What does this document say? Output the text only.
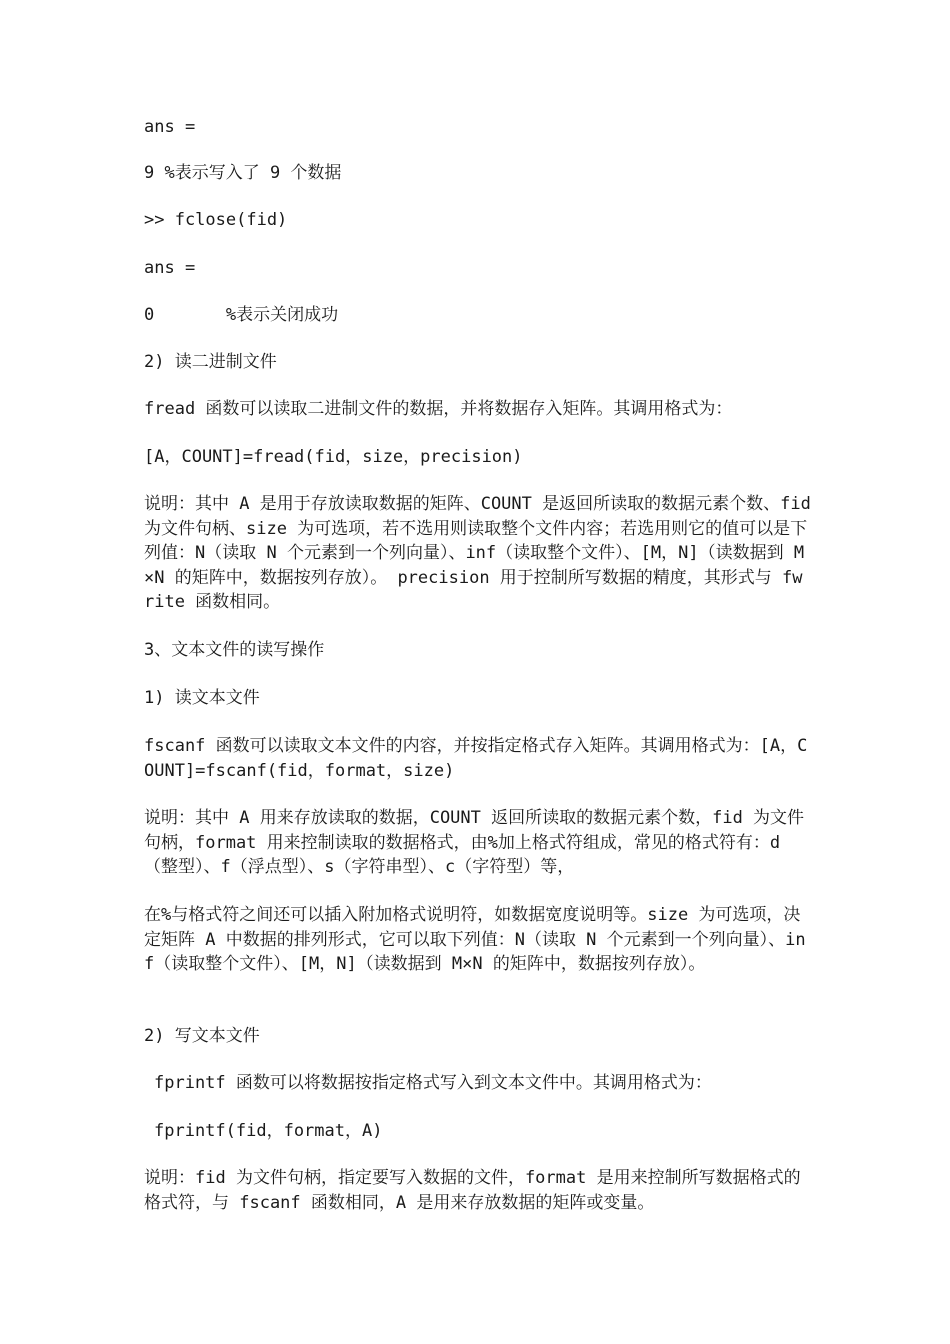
ans =

9 %表示写入了 9 个数据

>> fclose(fid)

ans =

0       %表示关闭成功

2) 读二进制文件

fread 函数可以读取二进制文件的数据，并将数据存入矩阵。其调用格式为：

[A，COUNT]=fread(fid，size，precision)

说明：其中 A 是用于存放读取数据的矩阵、COUNT 是返回所读取的数据元素个数、fid 为文件句柄、size 为可选项，若不选用则读取整个文件内容；若选用则它的值可以是下列值：N（读取 N 个元素到一个列向量）、inf（读取整个文件）、[M，N]（读数据到 M×N 的矩阵中，数据按列存放）。 precision 用于控制所写数据的精度，其形式与 fwrite 函数相同。

3、文本文件的读写操作

1) 读文本文件

fscanf 函数可以读取文本文件的内容，并按指定格式存入矩阵。其调用格式为：[A，COUNT]=fscanf(fid，format，size)

说明：其中 A 用来存放读取的数据，COUNT 返回所读取的数据元素个数，fid 为文件句柄，format 用来控制读取的数据格式，由%加上格式符组成，常见的格式符有：d（整型）、f（浮点型）、s（字符串型）、c（字符型）等，

在%与格式符之间还可以插入附加格式说明符，如数据宽度说明等。size 为可选项，决定矩阵 A 中数据的排列形式，它可以取下列值：N（读取 N 个元素到一个列向量）、inf（读取整个文件）、[M，N]（读数据到 M×N 的矩阵中，数据按列存放）。

2) 写文本文件

fprintf 函数可以将数据按指定格式写入到文本文件中。其调用格式为：

fprintf(fid，format，A)

说明：fid 为文件句柄，指定要写入数据的文件，format 是用来控制所写数据格式的格式符，与 fscanf 函数相同，A 是用来存放数据的矩阵或变量。
